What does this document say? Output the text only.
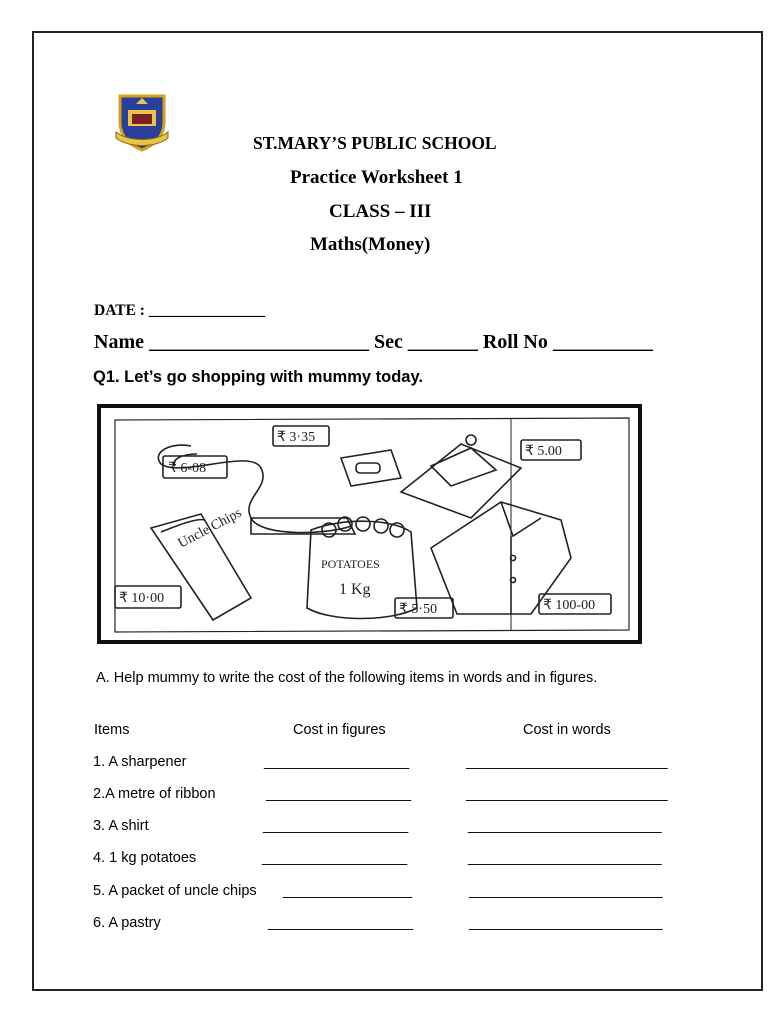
ST.MARY’S PUBLIC SCHOOL
Practice Worksheet 1
CLASS – III
Maths(Money)
DATE : _______________
Name ______________________ Sec _______ Roll No __________
Q1. Let’s go shopping with mummy today.
₹ 3·35
₹ 6-08
₹ 5.00
₹ 10·00
₹ 5·50	₹ 100-00
Uncle Chips
POTATOES
1 Kg
A. Help mummy to write the cost of the following items in words and in figures.
Items	Cost in figures	Cost in words
1. A sharpener	__________________	_________________________
2.A metre of ribbon	__________________	_________________________
3. A shirt	__________________	________________________
4. 1 kg potatoes	__________________	________________________
5. A packet of uncle chips ________________	________________________
6. A pastry	__________________	________________________
